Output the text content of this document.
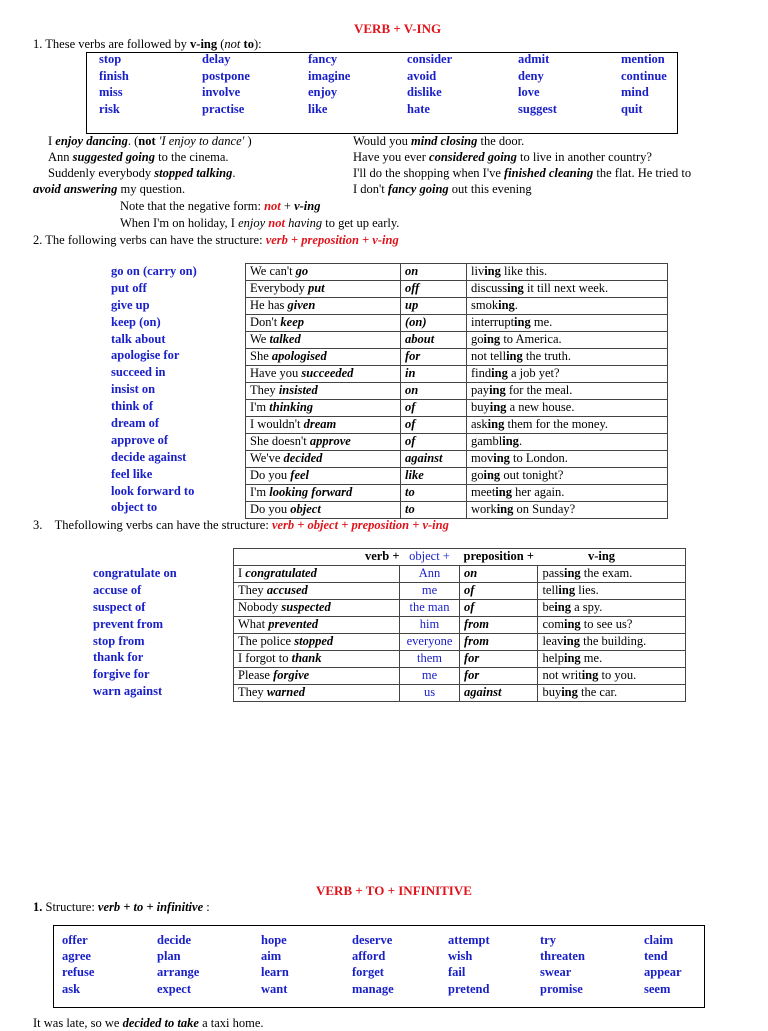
VERB + V-ING
1. These verbs are followed by v-ing (not to):
stop	delay	fancy	consider	admit	mention
finish	postpone	imagine	avoid	deny	continue
miss	involve	enjoy	dislike	love	mind
risk	practise	like	hate	suggest	quit
I enjoy dancing. (not 'I enjoy to dance' )
Ann suggested going to the cinema.
Suddenly everybody stopped talking.
avoid answering my question.
Would you mind closing the door.
Have you ever considered going to live in another country?
I'll do the shopping when I've finished cleaning the flat. He tried to
I don't fancy going out this evening
Note that the negative form: not + v-ing
When I'm on holiday, I enjoy not having to get up early.
2. The following verbs can have the structure: verb + preposition + v-ing
go on (carry on)
put off
give up
keep (on)
talk about
apologise for
succeed in
insist on
think of
dream of
approve of
decide against
feel like
look forward to
object to
We can't go	on	living like this.
Everybody put	off	discussing it till next week.
He has given	up	smoking.
Don't keep	(on)	interrupting me.
We talked	about	going to America.
She apologised	for	not telling the truth.
Have you succeeded	in	finding a job yet?
They insisted	on	paying for the meal.
I'm thinking	of	buying a new house.
I wouldn't dream	of	asking them for the money.
She doesn't approve	of	gambling.
We've decided	against	moving to London.
Do you feel	like	going out tonight?
I'm looking forward	to	meeting her again.
Do you object	to	working on Sunday?
3. Thefollowing verbs can have the structure: verb + object + preposition + v-ing
congratulate on
accuse of
suspect of
prevent from
stop from
thank for
forgive for
warn against
verb +	object +	preposition +	v-ing
I congratulated	Ann	on	passing the exam.
They accused	me	of	telling lies.
Nobody suspected	the man	of	being a spy.
What prevented	him	from	coming to see us?
The police stopped	everyone	from	leaving the building.
I forgot to thank	them	for	helping me.
Please forgive	me	for	not writing to you.
They warned	us	against	buying the car.
VERB + TO + INFINITIVE
1. Structure: verb + to + infinitive :
offer	decide	hope	deserve	attempt	try	claim
agree	plan	aim	afford	wish	threaten	tend
refuse	arrange	learn	forget	fail	swear	appear
ask	expect	want	manage	pretend	promise	seem
It was late, so we decided to take a taxi home.
